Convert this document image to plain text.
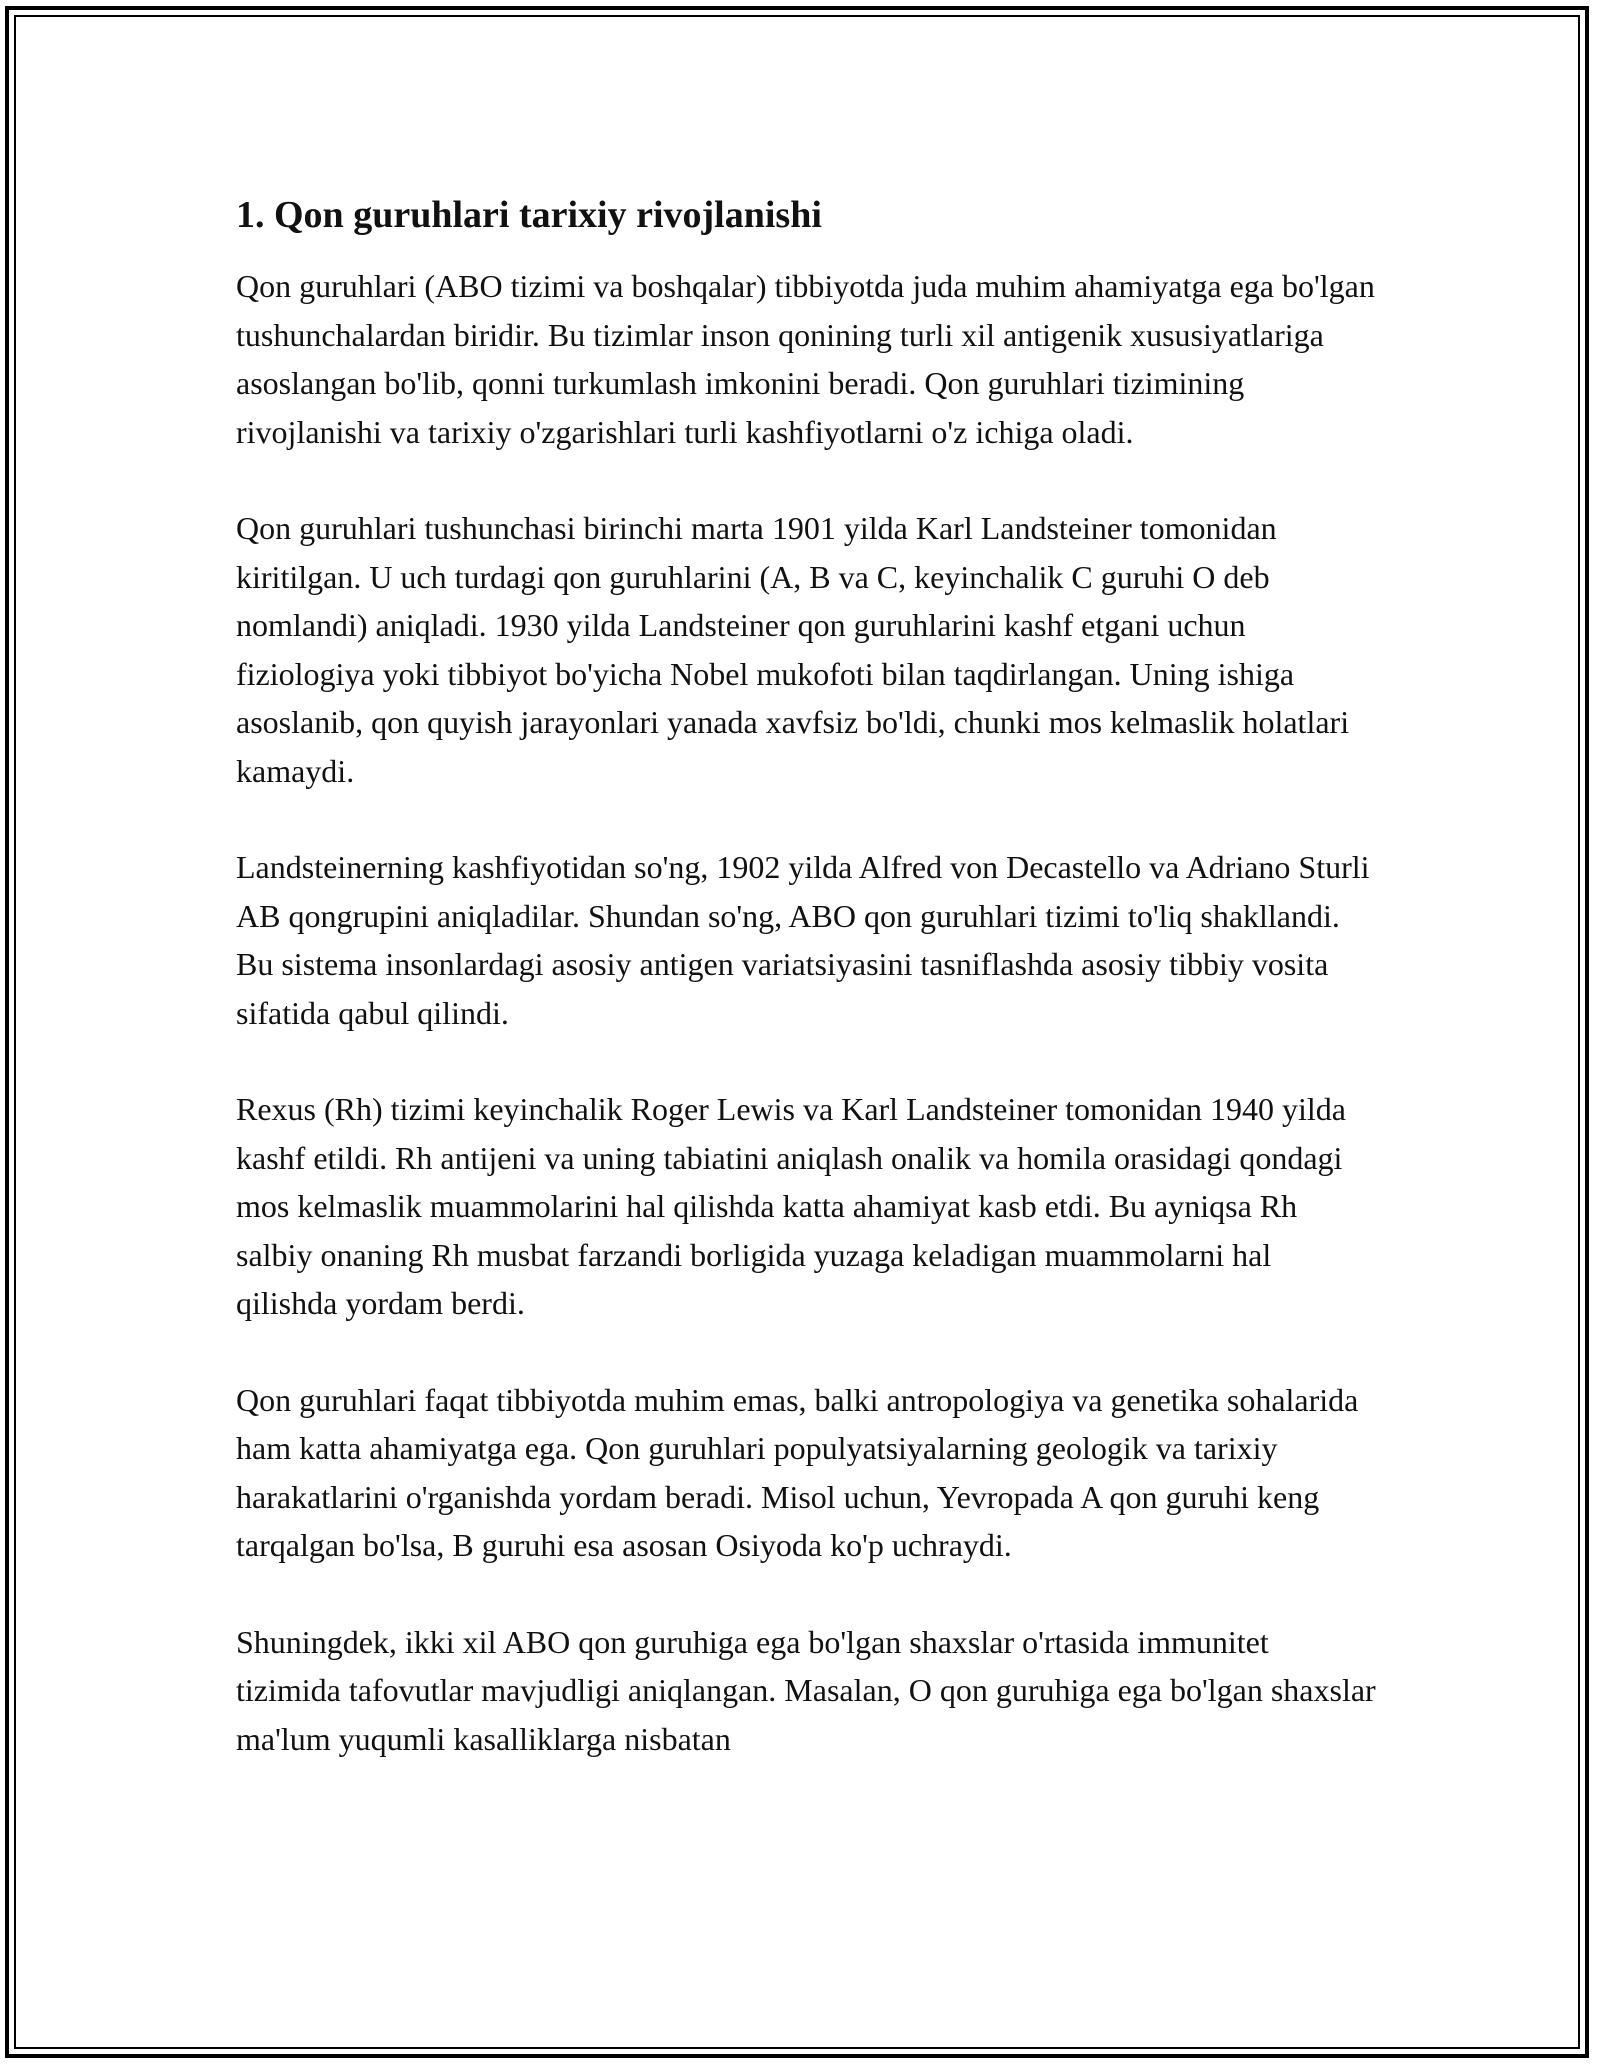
1. Qon guruhlari tarixiy rivojlanishi

Qon guruhlari (ABO tizimi va boshqalar) tibbiyotda juda muhim ahamiyatga ega bo'lgan tushunchalardan biridir. Bu tizimlar inson qonining turli xil antigenik xususiyatlariga asoslangan bo'lib, qonni turkumlash imkonini beradi. Qon guruhlari tizimining rivojlanishi va tarixiy o'zgarishlari turli kashfiyotlarni o'z ichiga oladi.

Qon guruhlari tushunchasi birinchi marta 1901 yilda Karl Landsteiner tomonidan kiritilgan. U uch turdagi qon guruhlarini (A, B va C, keyinchalik C guruhi O deb nomlandi) aniqladi. 1930 yilda Landsteiner qon guruhlarini kashf etgani uchun fiziologiya yoki tibbiyot bo'yicha Nobel mukofoti bilan taqdirlangan. Uning ishiga asoslanib, qon quyish jarayonlari yanada xavfsiz bo'ldi, chunki mos kelmaslik holatlari kamaydi.

Landsteinerning kashfiyotidan so'ng, 1902 yilda Alfred von Decastello va Adriano Sturli AB qongrupini aniqladilar. Shundan so'ng, ABO qon guruhlari tizimi to'liq shakllandi. Bu sistema insonlardagi asosiy antigen variatsiyasini tasniflashda asosiy tibbiy vosita sifatida qabul qilindi.

Rexus (Rh) tizimi keyinchalik Roger Lewis va Karl Landsteiner tomonidan 1940 yilda kashf etildi. Rh antijeni va uning tabiatini aniqlash onalik va homila orasidagi qondagi mos kelmaslik muammolarini hal qilishda katta ahamiyat kasb etdi. Bu ayniqsa Rh salbiy onaning Rh musbat farzandi borligida yuzaga keladigan muammolarni hal qilishda yordam berdi.

Qon guruhlari faqat tibbiyotda muhim emas, balki antropologiya va genetika sohalarida ham katta ahamiyatga ega. Qon guruhlari populyatsiyalarning geologik va tarixiy harakatlarini o'rganishda yordam beradi. Misol uchun, Yevropada A qon guruhi keng tarqalgan bo'lsa, B guruhi esa asosan Osiyoda ko'p uchraydi.

Shuningdek, ikki xil ABO qon guruhiga ega bo'lgan shaxslar o'rtasida immunitet tizimida tafovutlar mavjudligi aniqlangan. Masalan, O qon guruhiga ega bo'lgan shaxslar ma'lum yuqumli kasalliklarga nisbatan
